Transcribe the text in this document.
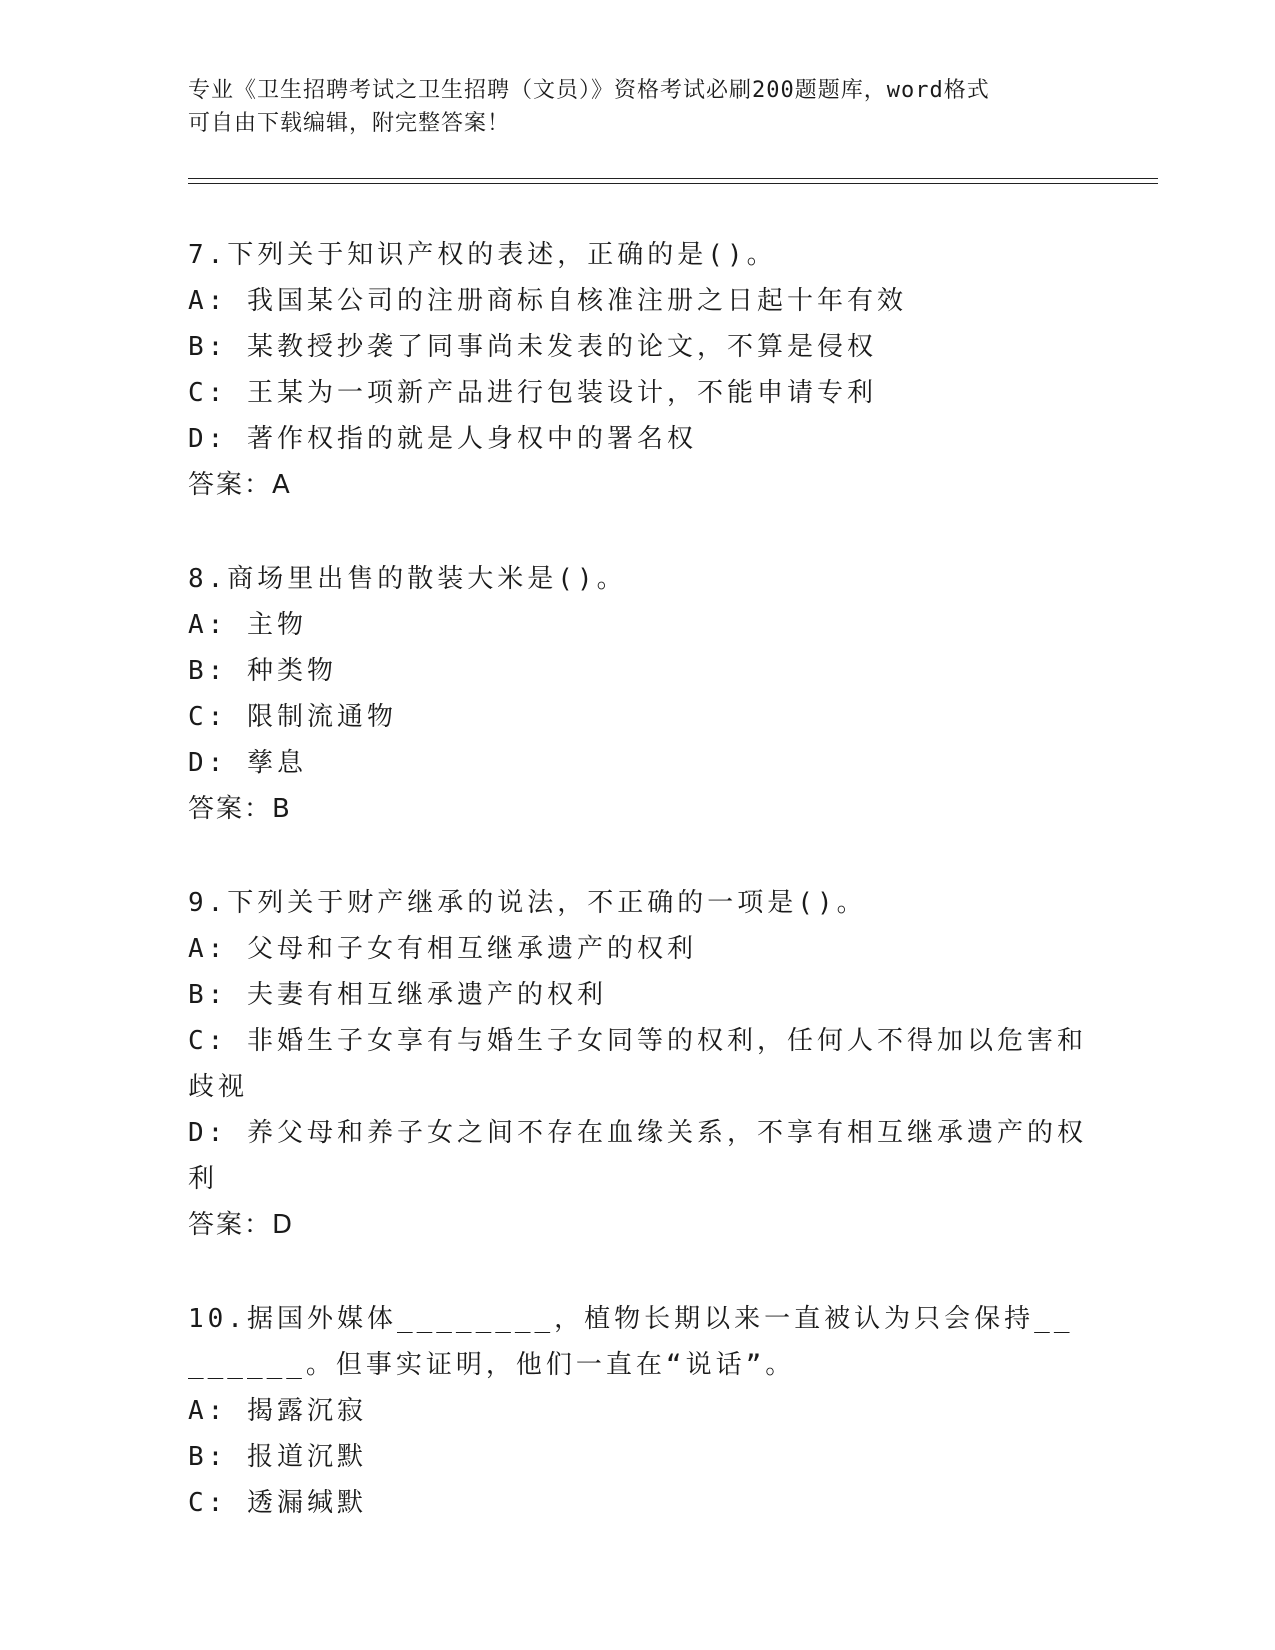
专业《卫生招聘考试之卫生招聘（文员）》资格考试必刷200题题库，word格式
可自由下载编辑，附完整答案！
7.下列关于知识产权的表述，正确的是()。
A: 我国某公司的注册商标自核准注册之日起十年有效
B: 某教授抄袭了同事尚未发表的论文，不算是侵权
C: 王某为一项新产品进行包装设计，不能申请专利
D: 著作权指的就是人身权中的署名权
答案：A
8.商场里出售的散装大米是()。
A: 主物
B: 种类物
C: 限制流通物
D: 孳息
答案：B
9.下列关于财产继承的说法，不正确的一项是()。
A: 父母和子女有相互继承遗产的权利
B: 夫妻有相互继承遗产的权利
C: 非婚生子女享有与婚生子女同等的权利，任何人不得加以危害和歧视
D: 养父母和养子女之间不存在血缘关系，不享有相互继承遗产的权利
答案：D
10.据国外媒体________，植物长期以来一直被认为只会保持________。但事实证明，他们一直在“说话”。
A: 揭露沉寂
B: 报道沉默
C: 透漏缄默
